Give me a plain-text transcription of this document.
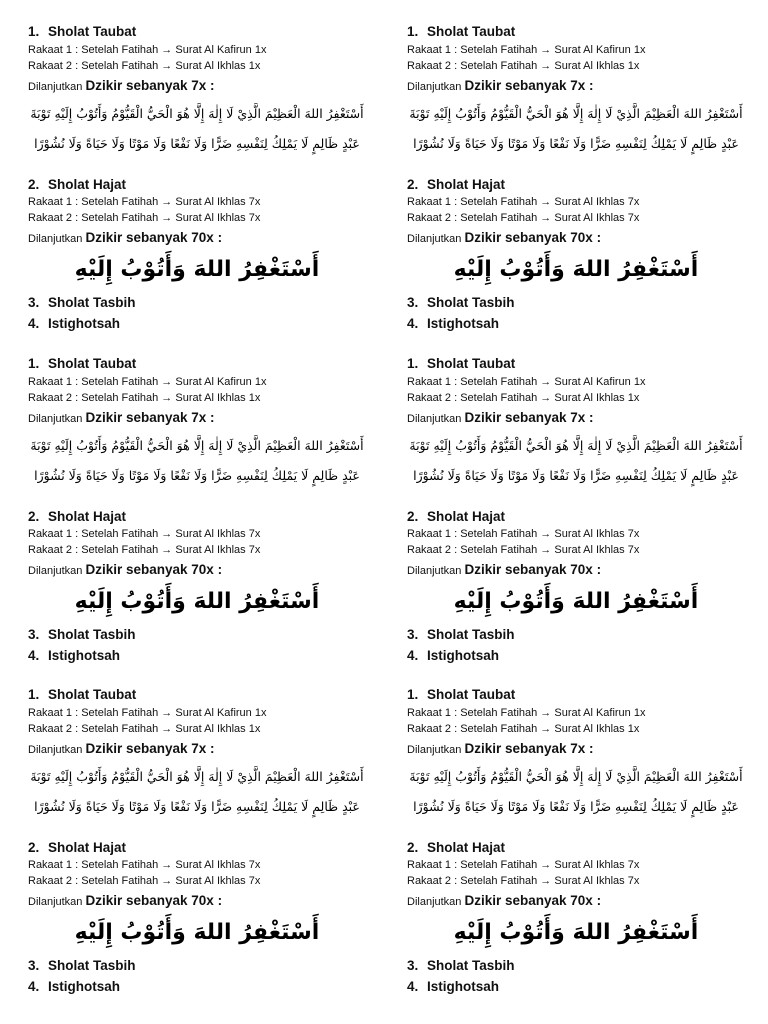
1. Sholat Taubat
Rakaat 1 : Setelah Fatihah → Surat Al Kafirun 1x
Rakaat 2 : Setelah Fatihah → Surat Al Ikhlas 1x
Dilanjutkan Dzikir sebanyak 7x :
أَسْتَغْفِرُ اللهَ الْعَظِيْمَ الَّذِيْ لَا إِلٰهَ إِلَّا هُوَ الْحَيُّ الْقَيُّوْمُ وَأَتُوْبُ إِلَيْهِ تَوْبَةَ
عَبْدٍ ظَالِمٍ لَا يَمْلِكُ لِنَفْسِهِ ضَرًّا وَلَا نَفْعًا وَلَا مَوْتًا وَلَا حَيَاةً وَلَا نُشُوْرًا
2. Sholat Hajat
Rakaat 1 : Setelah Fatihah → Surat Al Ikhlas 7x
Rakaat 2 : Setelah Fatihah → Surat Al Ikhlas 7x
Dilanjutkan Dzikir sebanyak 70x :
أَسْتَغْفِرُ اللهَ وَأَتُوْبُ إِلَيْهِ
3. Sholat Tasbih
4. Istighotsah
1. Sholat Taubat
Rakaat 1 : Setelah Fatihah → Surat Al Kafirun 1x
Rakaat 2 : Setelah Fatihah → Surat Al Ikhlas 1x
Dilanjutkan Dzikir sebanyak 7x :
أَسْتَغْفِرُ اللهَ الْعَظِيْمَ الَّذِيْ لَا إِلٰهَ إِلَّا هُوَ الْحَيُّ الْقَيُّوْمُ وَأَتُوْبُ إِلَيْهِ تَوْبَةَ
عَبْدٍ ظَالِمٍ لَا يَمْلِكُ لِنَفْسِهِ ضَرًّا وَلَا نَفْعًا وَلَا مَوْتًا وَلَا حَيَاةً وَلَا نُشُوْرًا
2. Sholat Hajat
Rakaat 1 : Setelah Fatihah → Surat Al Ikhlas 7x
Rakaat 2 : Setelah Fatihah → Surat Al Ikhlas 7x
Dilanjutkan Dzikir sebanyak 70x :
أَسْتَغْفِرُ اللهَ وَأَتُوْبُ إِلَيْهِ
3. Sholat Tasbih
4. Istighotsah
1. Sholat Taubat
Rakaat 1 : Setelah Fatihah → Surat Al Kafirun 1x
Rakaat 2 : Setelah Fatihah → Surat Al Ikhlas 1x
Dilanjutkan Dzikir sebanyak 7x :
أَسْتَغْفِرُ اللهَ الْعَظِيْمَ الَّذِيْ لَا إِلٰهَ إِلَّا هُوَ الْحَيُّ الْقَيُّوْمُ وَأَتُوْبُ إِلَيْهِ تَوْبَةَ
عَبْدٍ ظَالِمٍ لَا يَمْلِكُ لِنَفْسِهِ ضَرًّا وَلَا نَفْعًا وَلَا مَوْتًا وَلَا حَيَاةً وَلَا نُشُوْرًا
2. Sholat Hajat
Rakaat 1 : Setelah Fatihah → Surat Al Ikhlas 7x
Rakaat 2 : Setelah Fatihah → Surat Al Ikhlas 7x
Dilanjutkan Dzikir sebanyak 70x :
أَسْتَغْفِرُ اللهَ وَأَتُوْبُ إِلَيْهِ
3. Sholat Tasbih
4. Istighotsah
1. Sholat Taubat
Rakaat 1 : Setelah Fatihah → Surat Al Kafirun 1x
Rakaat 2 : Setelah Fatihah → Surat Al Ikhlas 1x
Dilanjutkan Dzikir sebanyak 7x :
أَسْتَغْفِرُ اللهَ الْعَظِيْمَ الَّذِيْ لَا إِلٰهَ إِلَّا هُوَ الْحَيُّ الْقَيُّوْمُ وَأَتُوْبُ إِلَيْهِ تَوْبَةَ
عَبْدٍ ظَالِمٍ لَا يَمْلِكُ لِنَفْسِهِ ضَرًّا وَلَا نَفْعًا وَلَا مَوْتًا وَلَا حَيَاةً وَلَا نُشُوْرًا
2. Sholat Hajat
Rakaat 1 : Setelah Fatihah → Surat Al Ikhlas 7x
Rakaat 2 : Setelah Fatihah → Surat Al Ikhlas 7x
Dilanjutkan Dzikir sebanyak 70x :
أَسْتَغْفِرُ اللهَ وَأَتُوْبُ إِلَيْهِ
3. Sholat Tasbih
4. Istighotsah
1. Sholat Taubat
Rakaat 1 : Setelah Fatihah → Surat Al Kafirun 1x
Rakaat 2 : Setelah Fatihah → Surat Al Ikhlas 1x
Dilanjutkan Dzikir sebanyak 7x :
أَسْتَغْفِرُ اللهَ الْعَظِيْمَ الَّذِيْ لَا إِلٰهَ إِلَّا هُوَ الْحَيُّ الْقَيُّوْمُ وَأَتُوْبُ إِلَيْهِ تَوْبَةَ
عَبْدٍ ظَالِمٍ لَا يَمْلِكُ لِنَفْسِهِ ضَرًّا وَلَا نَفْعًا وَلَا مَوْتًا وَلَا حَيَاةً وَلَا نُشُوْرًا
2. Sholat Hajat
Rakaat 1 : Setelah Fatihah → Surat Al Ikhlas 7x
Rakaat 2 : Setelah Fatihah → Surat Al Ikhlas 7x
Dilanjutkan Dzikir sebanyak 70x :
أَسْتَغْفِرُ اللهَ وَأَتُوْبُ إِلَيْهِ
3. Sholat Tasbih
4. Istighotsah
1. Sholat Taubat
Rakaat 1 : Setelah Fatihah → Surat Al Kafirun 1x
Rakaat 2 : Setelah Fatihah → Surat Al Ikhlas 1x
Dilanjutkan Dzikir sebanyak 7x :
أَسْتَغْفِرُ اللهَ الْعَظِيْمَ الَّذِيْ لَا إِلٰهَ إِلَّا هُوَ الْحَيُّ الْقَيُّوْمُ وَأَتُوْبُ إِلَيْهِ تَوْبَةَ
عَبْدٍ ظَالِمٍ لَا يَمْلِكُ لِنَفْسِهِ ضَرًّا وَلَا نَفْعًا وَلَا مَوْتًا وَلَا حَيَاةً وَلَا نُشُوْرًا
2. Sholat Hajat
Rakaat 1 : Setelah Fatihah → Surat Al Ikhlas 7x
Rakaat 2 : Setelah Fatihah → Surat Al Ikhlas 7x
Dilanjutkan Dzikir sebanyak 70x :
أَسْتَغْفِرُ اللهَ وَأَتُوْبُ إِلَيْهِ
3. Sholat Tasbih
4. Istighotsah
